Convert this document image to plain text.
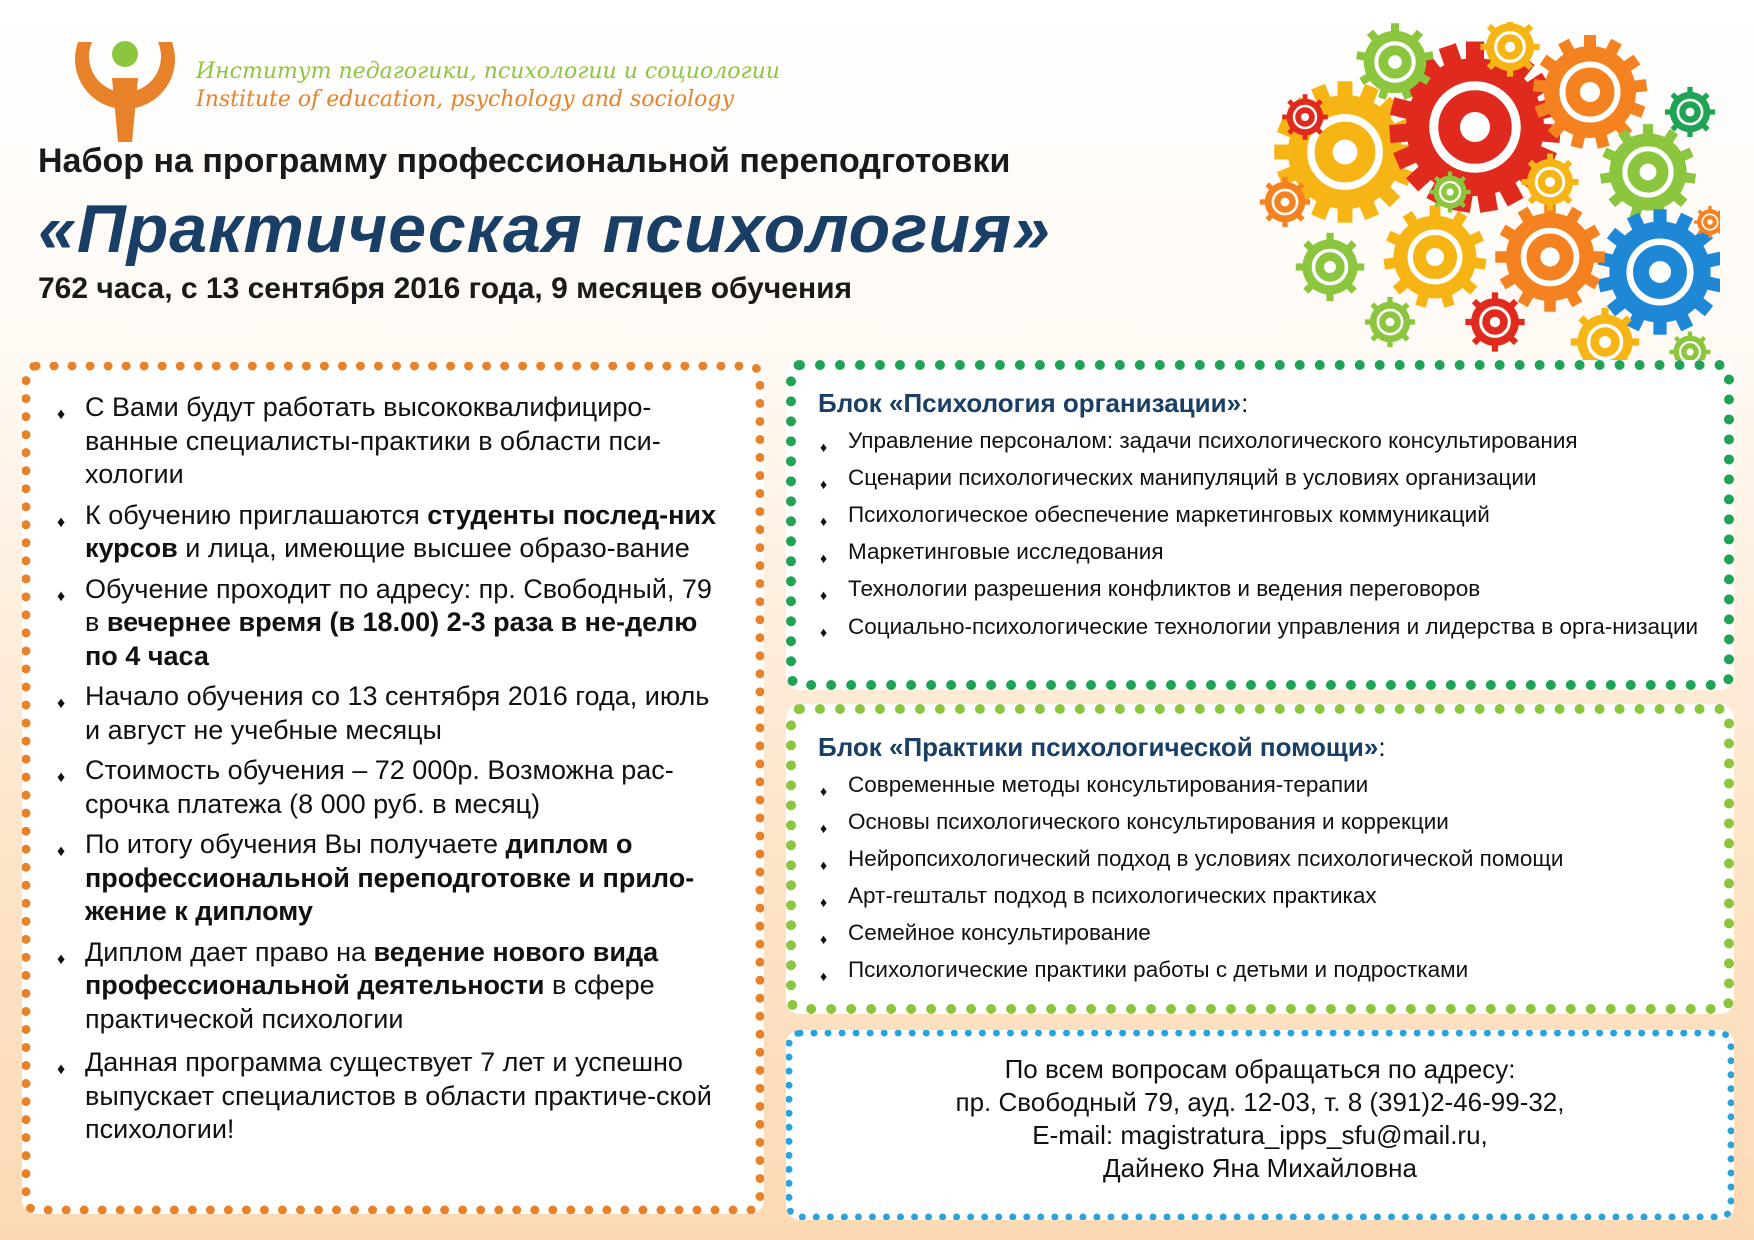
Институт педагогики, психологии и социологии
Institute of education, psychology and sociology
Набор на программу профессиональной переподготовки
«Практическая психология»
762 часа, с 13 сентября 2016 года, 9 месяцев обучения
♦ С Вами будут работать высококвалифициро-ванные специалисты-практики в области пси-хологии
♦ К обучению приглашаются студенты послед-них курсов и лица, имеющие высшее образо-вание
♦ Обучение проходит по адресу: пр. Свободный, 79 в вечернее время (в 18.00) 2-3 раза в не-делю по 4 часа
♦ Начало обучения со 13 сентября 2016 года, июль и август не учебные месяцы
♦ Стоимость обучения – 72 000р. Возможна рас-срочка платежа (8 000 руб. в месяц)
♦ По итогу обучения Вы получаете диплом о профессиональной переподготовке и прило-жение к диплому
♦ Диплом дает право на ведение нового вида профессиональной деятельности в сфере практической психологии
♦ Данная программа существует 7 лет и успешно выпускает специалистов в области практиче-ской психологии!
Блок «Психология организации»:
♦ Управление персоналом: задачи психологического консультирования
♦ Сценарии психологических манипуляций в условиях организации
♦ Психологическое обеспечение маркетинговых коммуникаций
♦ Маркетинговые исследования
♦ Технологии разрешения конфликтов и ведения переговоров
♦ Социально-психологические технологии управления и лидерства в орга-низации
Блок «Практики психологической помощи»:
♦ Современные методы консультирования-терапии
♦ Основы психологического консультирования и коррекции
♦ Нейропсихологический подход в условиях психологической помощи
♦ Арт-гештальт подход в психологических практиках
♦ Семейное консультирование
♦ Психологические практики работы с детьми и подростками
По всем вопросам обращаться по адресу:
пр. Свободный 79, ауд. 12-03, т. 8 (391)2-46-99-32,
E-mail: magistratura_ipps_sfu@mail.ru,
Дайнеко Яна Михайловна
